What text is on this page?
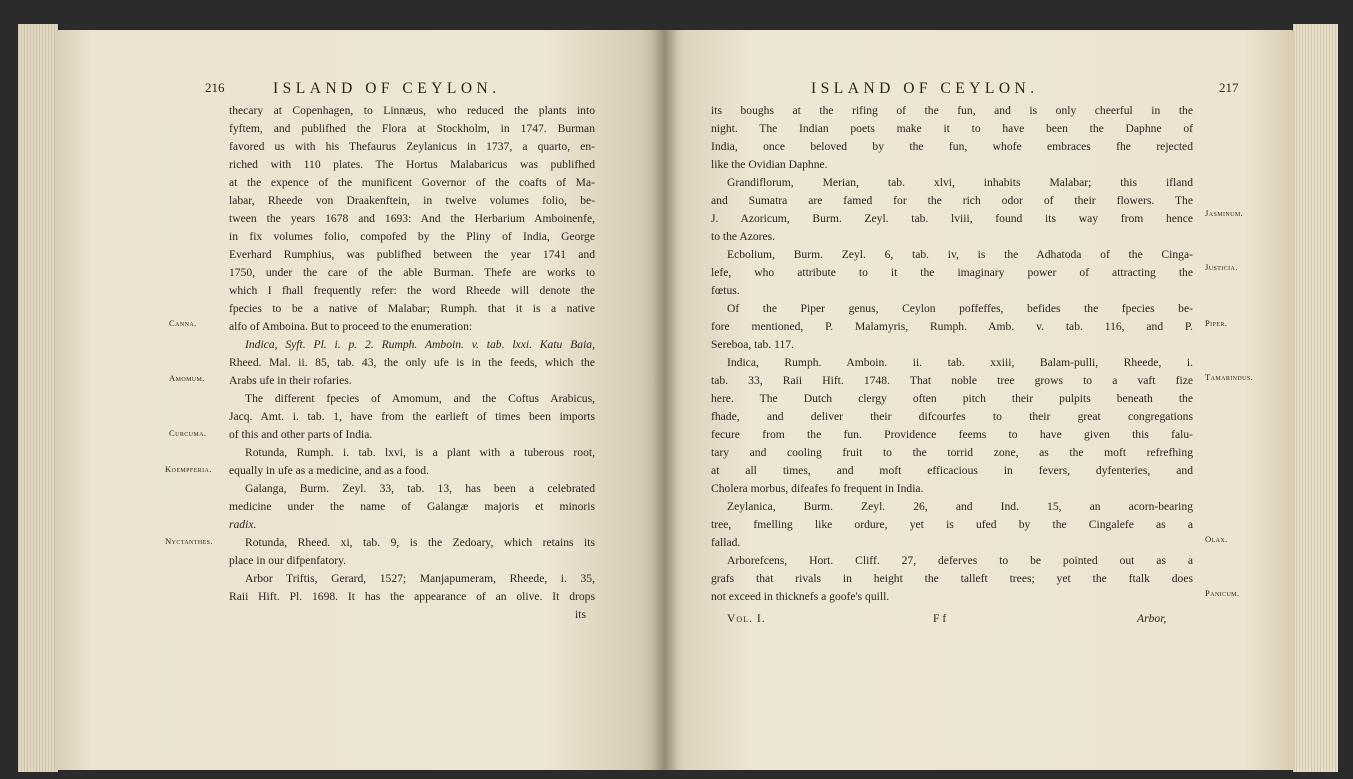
216	ISLAND OF CEYLON.
Canna.
Amomum.
Curcuma.
Koempferia.
Nyctanthes.
thecary at Copenhagen, to Linnæus, who reduced the plants into
fyftem, and publifhed the Flora at Stockholm, in 1747. Burman
favored us with his Thefaurus Zeylanicus in 1737, a quarto, en-
riched with 110 plates. The Hortus Malabaricus was publifhed
at the expence of the munificent Governor of the coafts of Ma-
labar, Rheede von Draakenftein, in twelve volumes folio, be-
tween the years 1678 and 1693: And the Herbarium Amboinenfe,
in fix volumes folio, compofed by the Pliny of India, George
Everhard Rumphius, was publifhed between the year 1741 and
1750, under the care of the able Burman. Thefe are works to
which I fhall frequently refer: the word Rheede will denote the
fpecies to be a native of Malabar; Rumph. that it is a native
alfo of Amboina. But to proceed to the enumeration:
Indica, Syft. Pl. i. p. 2. Rumph. Amboin. v. tab. lxxi. Katu Baia,
Rheed. Mal. ii. 85, tab. 43, the only ufe is in the feeds, which the
Arabs ufe in their rofaries.
The different fpecies of Amomum, and the Coftus Arabicus,
Jacq. Amt. i. tab. 1, have from the earlieft of times been imports
of this and other parts of India.
Rotunda, Rumph. i. tab. lxvi, is a plant with a tuberous root,
equally in ufe as a medicine, and as a food.
Galanga, Burm. Zeyl. 33, tab. 13, has been a celebrated
medicine under the name of Galangæ majoris et minoris
radix.
Rotunda, Rheed. xi, tab. 9, is the Zedoary, which retains its
place in our difpenfatory.
Arbor Triftis, Gerard, 1527; Manjapumeram, Rheede, i. 35,
Raii Hift. Pl. 1698. It has the appearance of an olive. It drops
its
ISLAND OF CEYLON.	217
Jasminum.
Justicia.
Piper.
Tamarindus.
Olax.
Panicum.
its boughs at the rifing of the fun, and is only cheerful in the
night. The Indian poets make it to have been the Daphne of
India, once beloved by the fun, whofe embraces fhe rejected
like the Ovidian Daphne.
Grandiflorum, Merian, tab. xlvi, inhabits Malabar; this ifland
and Sumatra are famed for the rich odor of their flowers. The
J. Azoricum, Burm. Zeyl. tab. lviii, found its way from hence
to the Azores.
Ecbolium, Burm. Zeyl. 6, tab. iv, is the Adhatoda of the Cinga-
lefe, who attribute to it the imaginary power of attracting the
fœtus.
Of the Piper genus, Ceylon poffeffes, befides the fpecies be-
fore mentioned, P. Malamyris, Rumph. Amb. v. tab. 116, and P.
Sereboa, tab. 117.
Indica, Rumph. Amboin. ii. tab. xxiii, Balam-pulli, Rheede, i.
tab. 33, Raii Hift. 1748. That noble tree grows to a vaft fize
here. The Dutch clergy often pitch their pulpits beneath the
fhade, and deliver their difcourfes to their great congregations
fecure from the fun. Providence feems to have given this falu-
tary and cooling fruit to the torrid zone, as the moft refrefhing
at all times, and moft efficacious in fevers, dyfenteries, and
Cholera morbus, difeafes fo frequent in India.
Zeylanica, Burm. Zeyl. 26, and Ind. 15, an acorn-bearing
tree, fmelling like ordure, yet is ufed by the Cingalefe as a
fallad.
Arborefcens, Hort. Cliff. 27, deferves to be pointed out as a
grafs that rivals in height the talleft trees; yet the ftalk does
not exceed in thicknefs a goofe's quill.
Vol. I.	F f	Arbor,
